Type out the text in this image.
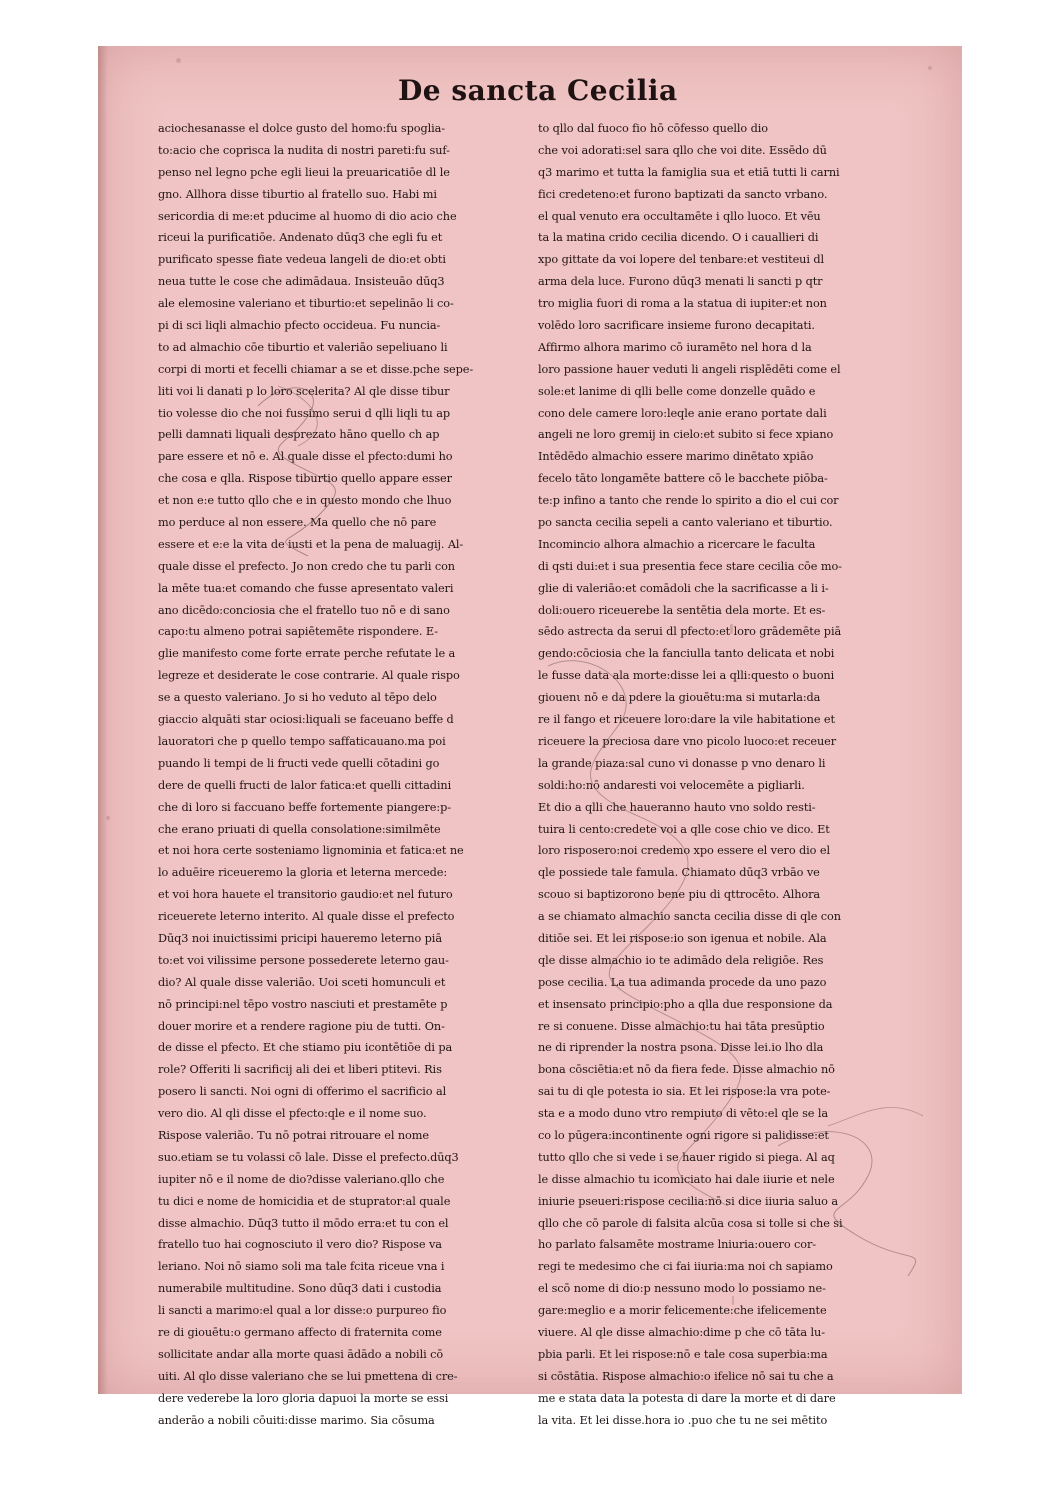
De sancta Cecilia
aciochesanasse el dolce gusto del homo:fu spoglia-
to:acio che coprisca la nudita di nostri pareti:fu suf-
penso nel legno pche egli lieui la preuaricatiōe dl le
gno. Allhora disse tiburtio al fratello suo. Habi mi
sericordia di me:et pducime al huomo di dio acio che
riceui la purificatiōe. Andenato dūq3 che egli fu et
purificato spesse fiate vedeua langeli de dio:et obti
neua tutte le cose che adimādaua. Insisteuāo dūq3
ale elemosine valeriano et tiburtio:et sepelināo li co-
pi di sci liqli almachio pfecto occideua. Fu nuncia-
to ad almachio cōe tiburtio et valeriāo sepeliuano li
corpi di morti et fecelli chiamar a se et disse.pche sepe-
liti voi li danati p lo loro scelerita? Al qle disse tibur
tio volesse dio che noi fussimo serui d qlli liqli tu ap
pelli damnati liquali desprezato hāno quello ch ap
pare essere et nō e. Al quale disse el pfecto:dumi ho
che cosa e qlla. Rispose tiburtio quello appare esser
et non e:e tutto qllo che e in questo mondo che lhuo
mo perduce al non essere. Ma quello che nō pare
essere et e:e la vita de iusti et la pena de maluagij. Al-
quale disse el prefecto. Jo non credo che tu parli con
la mēte tua:et comando che fusse apresentato valeri
ano dicēdo:conciosia che el fratello tuo nō e di sano
capo:tu almeno potrai sapiētemēte rispondere. E-
glie manifesto come forte errate perche refutate le a
legreze et desiderate le cose contrarie. Al quale rispo
se a questo valeriano. Jo si ho veduto al tēpo delo
giaccio alquāti star ociosi:liquali se faceuano beffe d
lauoratori che p quello tempo saffaticauano.ma poi
puando li tempi de li fructi vede quelli cōtadini go
dere de quelli fructi de lalor fatica:et quelli cittadini
che di loro si faccuano beffe fortemente piangere:p-
che erano priuati di quella consolatione:similmēte
et noi hora certe sosteniamo lignominia et fatica:et ne
lo aduēire riceueremo la gloria et leterna mercede:
et voi hora hauete el transitorio gaudio:et nel futuro
riceuerete leterno interito. Al quale disse el prefecto
Dūq3 noi inuictissimi pricipi haueremo leterno piā
to:et voi vilissime persone possederete leterno gau-
dio? Al quale disse valeriāo. Uoi sceti homunculi et
nō principi:nel tēpo vostro nasciuti et prestamēte p
douer morire et a rendere ragione piu de tutti. On-
de disse el pfecto. Et che stiamo piu icontētiōe di pa
role? Offeriti li sacrificij ali dei et liberi ptitevi. Ris
posero li sancti. Noi ogni di offerimo el sacrificio al
vero dio. Al qli disse el pfecto:qle e il nome suo.
Rispose valeriāo. Tu nō potrai ritrouare el nome
suo.etiam se tu volassi cō lale. Disse el prefecto.dūq3
iupiter nō e il nome de dio?disse valeriano.qllo che
tu dici e nome de homicidia et de stuprator:al quale
disse almachio. Dūq3 tutto il mōdo erra:et tu con el
fratello tuo hai cognosciuto il vero dio? Rispose va
leriano. Noi nō siamo soli ma tale fcita riceue vna i
numerabile multitudine. Sono dūq3 dati i custodia
li sancti a marimo:el qual a lor disse:o purpureo fio
re di giouētu:o germano affecto di fraternita come
sollicitate andar alla morte quasi ādādo a nobili cō
uiti. Al qlo disse valeriano che se lui pmettena di cre-
dere vederebe la loro gloria dapuoi la morte se essi
anderāo a nobili cōuiti:disse marimo. Sia cōsuma
to qllo dal fuoco fio hō cōfesso quello dio
che voi adorati:sel sara qllo che voi dite. Essēdo dū
q3 marimo et tutta la famiglia sua et etiā tutti li carni
fici credeteno:et furono baptizati da sancto vrbano.
el qual venuto era occultamēte i qllo luoco. Et vēu
ta la matina crido cecilia dicendo. O i cauallieri di
xpo gittate da voi lopere del tenbare:et vestiteui dl
arma dela luce. Furono dūq3 menati li sancti p qtr
tro miglia fuori di roma a la statua di iupiter:et non
volēdo loro sacrificare insieme furono decapitati.
Affirmo alhora marimo cō iuramēto nel hora d la
loro passione hauer veduti li angeli risplēdēti come el
sole:et lanime di qlli belle come donzelle quādo e
cono dele camere loro:leqle anie erano portate dali
angeli ne loro gremij in cielo:et subito si fece xpiano
Intēdēdo almachio essere marimo dinētato xpiāo
fecelo tāto longamēte battere cō le bacchete piōba-
te:p infino a tanto che rende lo spirito a dio el cui cor
po sancta cecilia sepeli a canto valeriano et tiburtio.
Incomincio alhora almachio a ricercare le faculta
di qsti dui:et i sua presentia fece stare cecilia cōe mo-
glie di valeriāo:et comādoli che la sacrificasse a li i-
doli:ouero riceuerebe la sentētia dela morte. Et es-
sēdo astrecta da serui dl pfecto:et loro grādemēte piā
gendo:cōciosia che la fanciulla tanto delicata et nobi
le fusse data ala morte:disse lei a qlli:questo o buoni
giouenι nō e da pdere la giouētu:ma si mutarla:da
re il fango et riceuere loro:dare la vile habitatione et
riceuere la preciosa dare vno picolo luoco:et receuer
la grande piaza:sal cuno vi donasse p vno denaro li
soldi:ho:nō andaresti voi velocemēte a pigliarli.
Et dio a qlli che haueranno hauto vno soldo resti-
tuira li cento:credete voi a qlle cose chio ve dico. Et
loro risposero:noi credemo xpo essere el vero dio el
qle possiede tale famula. Chiamato dūq3 vrbāo ve
scouo si baptizorono bene piu di qttrocēto. Alhora
a se chiamato almachio sancta cecilia disse di qle con
ditiōe sei. Et lei rispose:io son igenua et nobile. Ala
qle disse almachio io te adimādo dela religiōe. Res
pose cecilia. La tua adimanda procede da uno pazo
et insensato principio:pho a qlla due responsione da
re si conuene. Disse almachio:tu hai tāta presūptio
ne di riprender la nostra psona. Disse lei.io lho dla
bona cōsciētia:et nō da fiera fede. Disse almachio nō
sai tu di qle potesta io sia. Et lei rispose:la vra pote-
sta e a modo duno vtro rempiuto di vēto:el qle se la
co lo pūgera:incontinente ogni rigore si palidisse:et
tutto qllo che si vede i se hauer rigido si piega. Al aq
le disse almachio tu icomiciato hai dale iiurie et nele
iniurie pseueri:rispose cecilia:nō si dice iiuria saluo a
qllo che cō parole di falsita alcūa cosa si tolle si che si
ho parlato falsamēte mostrame lniuria:ouero cor-
regi te medesimo che ci fai iiuria:ma noi ch sapiamo
el scō nome di dio:p nessuno modo lo possiamo ne-
gare:meglio e a morir felicemente:che ifelicemente
viuere. Al qle disse almachio:dime p che cō tāta lu-
pbia parli. Et lei rispose:nō e tale cosa superbia:ma
si cōstātia. Rispose almachio:o ifelice nō sai tu che a
me e stata data la potesta di dare la morte et di dare
la vita. Et lei disse.hora io .puo che tu ne sei mētito
